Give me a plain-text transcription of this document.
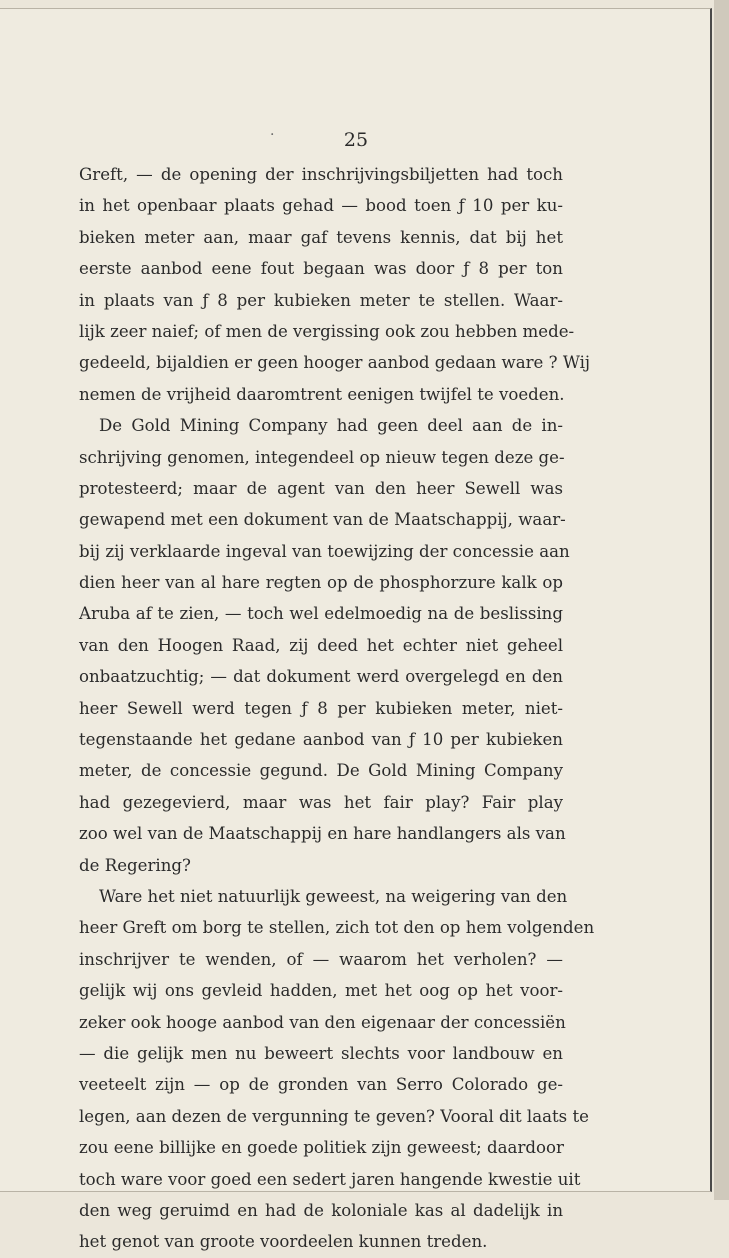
·	25
Greft, — de opening der inschrijvingsbiljetten had toch
in het openbaar plaats gehad — bood toen ƒ 10 per ku-
bieken meter aan, maar gaf tevens kennis, dat bij het
eerste aanbod eene fout begaan was door ƒ 8 per ton
in plaats van ƒ 8 per kubieken meter te stellen. Waar-
lijk zeer naief; of men de vergissing ook zou hebben mede-
gedeeld, bijaldien er geen hooger aanbod gedaan ware ? Wij
nemen de vrijheid daaromtrent eenigen twijfel te voeden.
De Gold Mining Company had geen deel aan de in-
schrijving genomen, integendeel op nieuw tegen deze ge-
protesteerd; maar de agent van den heer Sewell was
gewapend met een dokument van de Maatschappij, waar-
bij zij verklaarde ingeval van toewijzing der concessie aan
dien heer van al hare regten op de phosphorzure kalk op
Aruba af te zien, — toch wel edelmoedig na de beslissing
van den Hoogen Raad, zij deed het echter niet geheel
onbaatzuchtig; — dat dokument werd overgelegd en den
heer Sewell werd tegen ƒ 8 per kubieken meter, niet-
tegenstaande het gedane aanbod van ƒ 10 per kubieken
meter, de concessie gegund. De Gold Mining Company
had gezegevierd, maar was het fair play? Fair play
zoo wel van de Maatschappij en hare handlangers als van
de Regering?
Ware het niet natuurlijk geweest, na weigering van den
heer Greft om borg te stellen, zich tot den op hem volgenden
inschrijver te wenden, of — waarom het verholen? —
gelijk wij ons gevleid hadden, met het oog op het voor-
zeker ook hooge aanbod van den eigenaar der concessiën
— die gelijk men nu beweert slechts voor landbouw en
veeteelt zijn — op de gronden van Serro Colorado ge-
legen, aan dezen de vergunning te geven? Vooral dit laats te
zou eene billijke en goede politiek zijn geweest; daardoor
toch ware voor goed een sedert jaren hangende kwestie uit
den weg geruimd en had de koloniale kas al dadelijk in
het genot van groote voordeelen kunnen treden.
